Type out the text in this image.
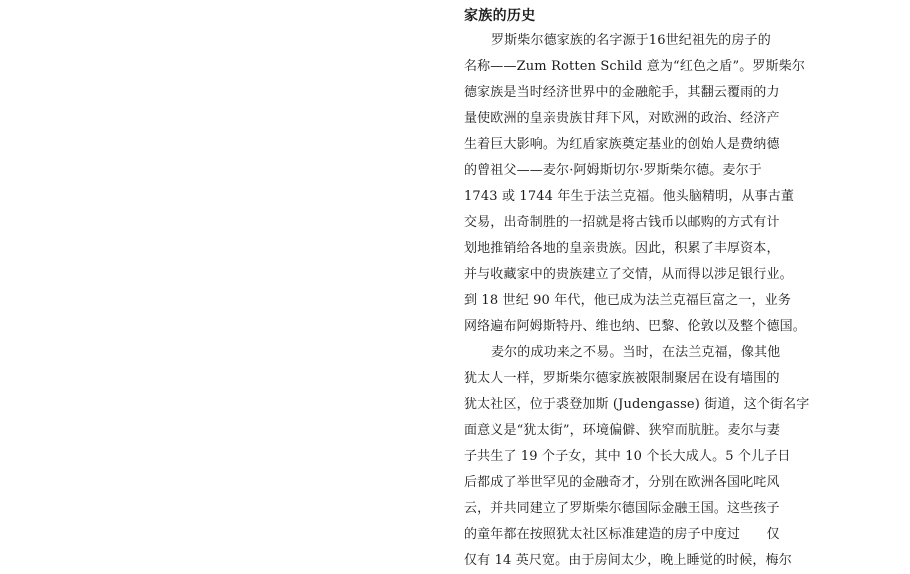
家族的历史
罗斯柴尔德家族的名字源于16世纪祖先的房子的
名称——Zum Rotten Schild 意为“红色之盾”。罗斯柴尔
德家族是当时经济世界中的金融舵手，其翻云覆雨的力
量使欧洲的皇亲贵族甘拜下风，对欧洲的政治、经济产
生着巨大影响。为红盾家族奠定基业的创始人是费纳德
的曾祖父——麦尔·阿姆斯切尔·罗斯柴尔德。麦尔于
1743 或 1744 年生于法兰克福。他头脑精明，从事古董
交易，出奇制胜的一招就是将古钱币以邮购的方式有计
划地推销给各地的皇亲贵族。因此，积累了丰厚资本，
并与收藏家中的贵族建立了交情，从而得以涉足银行业。
到 18 世纪 90 年代，他已成为法兰克福巨富之一，业务
网络遍布阿姆斯特丹、维也纳、巴黎、伦敦以及整个德国。
麦尔的成功来之不易。当时，在法兰克福，像其他
犹太人一样，罗斯柴尔德家族被限制聚居在设有墙围的
犹太社区，位于裘登加斯 (Judengasse) 街道，这个街名字
面意义是“犹太街”，环境偏僻、狭窄而肮脏。麦尔与妻
子共生了 19 个子女，其中 10 个长大成人。5 个儿子日
后都成了举世罕见的金融奇才，分别在欧洲各国叱咤风
云，并共同建立了罗斯柴尔德国际金融王国。这些孩子
的童年都在按照犹太社区标准建造的房子中度过　　仅
仅有 14 英尺宽。由于房间太少，晚上睡觉的时候，梅尔
